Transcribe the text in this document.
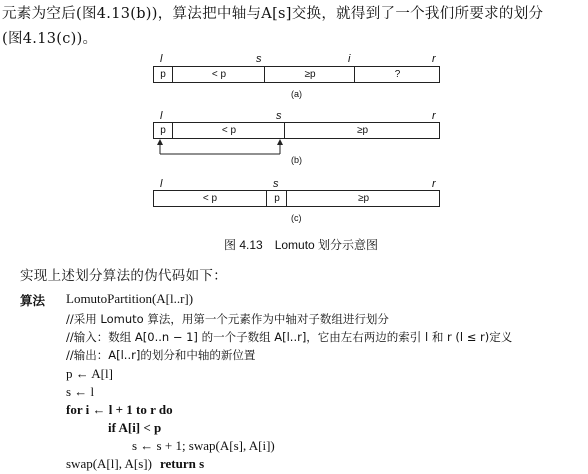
元素为空后(图4.13(b))，算法把中轴与A[s]交换，就得到了一个我们所要求的划分
(图4.13(c))。
l	s	i	r
p	< p	≥p	?
(a)
l	s	r
p	< p	≥p
(b)
l	s	r
< p	p	≥p
(c)
图 4.13　Lomuto 划分示意图
实现上述划分算法的伪代码如下：
算法 LomutoPartition(A[l..r])
//采用 Lomuto 算法，用第一个元素作为中轴对子数组进行划分
//输入：数组 A[0..n − 1] 的一个子数组 A[l..r]，它由左右两边的索引 l 和 r (l ≤ r)定义
//输出：A[l..r]的划分和中轴的新位置
p ← A[l]
s ← l
for i ← l + 1 to r do
if A[i] < p
s ← s + 1; swap(A[s], A[i])
swap(A[l], A[s]) return s
